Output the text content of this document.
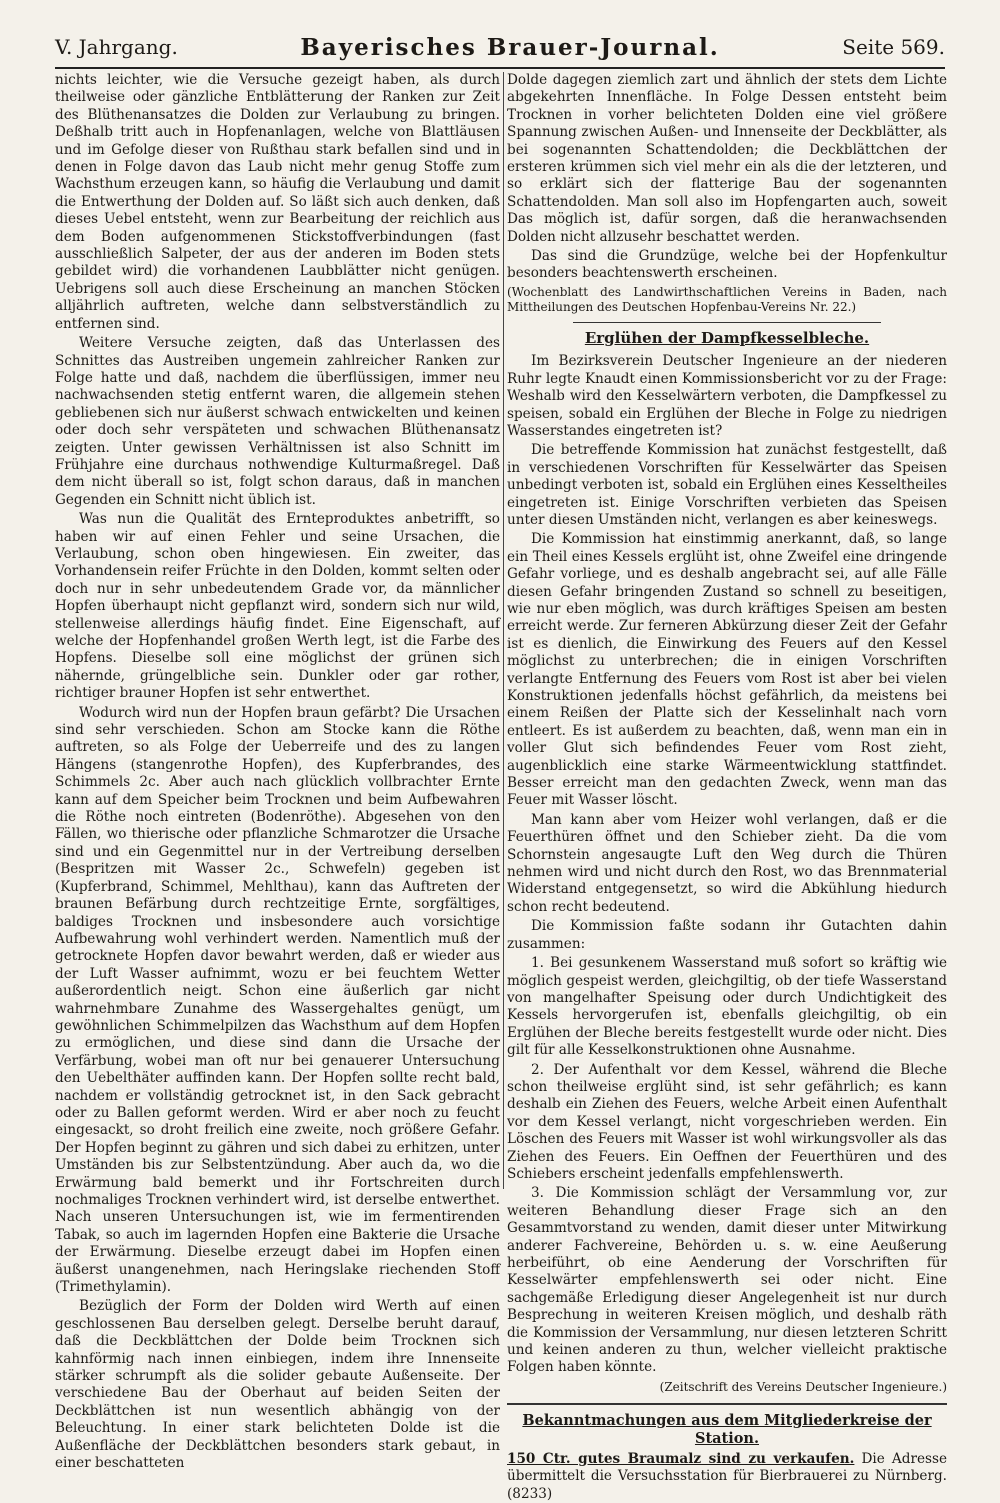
V. Jahrgang.	Bayerisches Brauer-Journal.	Seite 569.

nichts leichter, wie die Versuche gezeigt haben, als durch theilweise oder gänzliche Entblätterung der Ranken zur Zeit des Blüthenansatzes die Dolden zur Verlaubung zu bringen. Deßhalb tritt auch in Hopfenanlagen, welche von Blattläusen und im Gefolge dieser von Rußthau stark befallen sind und in denen in Folge davon das Laub nicht mehr genug Stoffe zum Wachsthum erzeugen kann, so häufig die Verlaubung und damit die Entwerthung der Dolden auf. So läßt sich auch denken, daß dieses Uebel entsteht, wenn zur Bearbeitung der reichlich aus dem Boden aufgenommenen Stickstoffverbindungen (fast ausschließlich Salpeter, der aus der anderen im Boden stets gebildet wird) die vorhandenen Laubblätter nicht genügen. Uebrigens soll auch diese Erscheinung an manchen Stöcken alljährlich auftreten, welche dann selbstverständlich zu entfernen sind.

Weitere Versuche zeigten, daß das Unterlassen des Schnittes das Austreiben ungemein zahlreicher Ranken zur Folge hatte und daß, nachdem die überflüssigen, immer neu nachwachsenden stetig entfernt waren, die allgemein stehen gebliebenen sich nur äußerst schwach entwickelten und keinen oder doch sehr verspäteten und schwachen Blüthenansatz zeigten. Unter gewissen Verhältnissen ist also Schnitt im Frühjahre eine durchaus nothwendige Kulturmaßregel. Daß dem nicht überall so ist, folgt schon daraus, daß in manchen Gegenden ein Schnitt nicht üblich ist.

Was nun die Qualität des Ernteproduktes anbetrifft, so haben wir auf einen Fehler und seine Ursachen, die Verlaubung, schon oben hingewiesen. Ein zweiter, das Vorhandensein reifer Früchte in den Dolden, kommt selten oder doch nur in sehr unbedeutendem Grade vor, da männlicher Hopfen überhaupt nicht gepflanzt wird, sondern sich nur wild, stellenweise allerdings häufig findet. Eine Eigenschaft, auf welche der Hopfenhandel großen Werth legt, ist die Farbe des Hopfens. Dieselbe soll eine möglichst der grünen sich nähernde, grüngelbliche sein. Dunkler oder gar rother, richtiger brauner Hopfen ist sehr entwerthet.

Wodurch wird nun der Hopfen braun gefärbt? Die Ursachen sind sehr verschieden. Schon am Stocke kann die Röthe auftreten, so als Folge der Ueberreife und des zu langen Hängens (stangenrothe Hopfen), des Kupferbrandes, des Schimmels 2c. Aber auch nach glücklich vollbrachter Ernte kann auf dem Speicher beim Trocknen und beim Aufbewahren die Röthe noch eintreten (Bodenröthe). Abgesehen von den Fällen, wo thierische oder pflanzliche Schmarotzer die Ursache sind und ein Gegenmittel nur in der Vertreibung derselben (Bespritzen mit Wasser 2c., Schwefeln) gegeben ist (Kupferbrand, Schimmel, Mehlthau), kann das Auftreten der braunen Befärbung durch rechtzeitige Ernte, sorgfältiges, baldiges Trocknen und insbesondere auch vorsichtige Aufbewahrung wohl verhindert werden. Namentlich muß der getrocknete Hopfen davor bewahrt werden, daß er wieder aus der Luft Wasser aufnimmt, wozu er bei feuchtem Wetter außerordentlich neigt. Schon eine äußerlich gar nicht wahrnehmbare Zunahme des Wassergehaltes genügt, um gewöhnlichen Schimmelpilzen das Wachsthum auf dem Hopfen zu ermöglichen, und diese sind dann die Ursache der Verfärbung, wobei man oft nur bei genauerer Untersuchung den Uebelthäter auffinden kann. Der Hopfen sollte recht bald, nachdem er vollständig getrocknet ist, in den Sack gebracht oder zu Ballen geformt werden. Wird er aber noch zu feucht eingesackt, so droht freilich eine zweite, noch größere Gefahr. Der Hopfen beginnt zu gähren und sich dabei zu erhitzen, unter Umständen bis zur Selbstentzündung. Aber auch da, wo die Erwärmung bald bemerkt und ihr Fortschreiten durch nochmaliges Trocknen verhindert wird, ist derselbe entwerthet. Nach unseren Untersuchungen ist, wie im fermentirenden Tabak, so auch im lagernden Hopfen eine Bakterie die Ursache der Erwärmung. Dieselbe erzeugt dabei im Hopfen einen äußerst unangenehmen, nach Heringslake riechenden Stoff (Trimethylamin).

Bezüglich der Form der Dolden wird Werth auf einen geschlossenen Bau derselben gelegt. Derselbe beruht darauf, daß die Deckblättchen der Dolde beim Trocknen sich kahnförmig nach innen einbiegen, indem ihre Innenseite stärker schrumpft als die solider gebaute Außenseite. Der verschiedene Bau der Oberhaut auf beiden Seiten der Deckblättchen ist nun wesentlich abhängig von der Beleuchtung. In einer stark belichteten Dolde ist die Außenfläche der Deckblättchen besonders stark gebaut, in einer beschatteten

Dolde dagegen ziemlich zart und ähnlich der stets dem Lichte abgekehrten Innenfläche. In Folge Dessen entsteht beim Trocknen in vorher belichteten Dolden eine viel größere Spannung zwischen Außen- und Innenseite der Deckblätter, als bei sogenannten Schattendolden; die Deckblättchen der ersteren krümmen sich viel mehr ein als die der letzteren, und so erklärt sich der flatterige Bau der sogenannten Schattendolden. Man soll also im Hopfengarten auch, soweit Das möglich ist, dafür sorgen, daß die heranwachsenden Dolden nicht allzusehr beschattet werden.

Das sind die Grundzüge, welche bei der Hopfenkultur besonders beachtenswerth erscheinen.

(Wochenblatt des Landwirthschaftlichen Vereins in Baden, nach Mittheilungen des Deutschen Hopfenbau-Vereins Nr. 22.)
Erglühen der Dampfkesselbleche.

Im Bezirksverein Deutscher Ingenieure an der niederen Ruhr legte Knaudt einen Kommissionsbericht vor zu der Frage: Weshalb wird den Kesselwärtern verboten, die Dampfkessel zu speisen, sobald ein Erglühen der Bleche in Folge zu niedrigen Wasserstandes eingetreten ist?

Die betreffende Kommission hat zunächst festgestellt, daß in verschiedenen Vorschriften für Kesselwärter das Speisen unbedingt verboten ist, sobald ein Erglühen eines Kesseltheiles eingetreten ist. Einige Vorschriften verbieten das Speisen unter diesen Umständen nicht, verlangen es aber keineswegs.

Die Kommission hat einstimmig anerkannt, daß, so lange ein Theil eines Kessels erglüht ist, ohne Zweifel eine dringende Gefahr vorliege, und es deshalb angebracht sei, auf alle Fälle diesen Gefahr bringenden Zustand so schnell zu beseitigen, wie nur eben möglich, was durch kräftiges Speisen am besten erreicht werde. Zur ferneren Abkürzung dieser Zeit der Gefahr ist es dienlich, die Einwirkung des Feuers auf den Kessel möglichst zu unterbrechen; die in einigen Vorschriften verlangte Entfernung des Feuers vom Rost ist aber bei vielen Konstruktionen jedenfalls höchst gefährlich, da meistens bei einem Reißen der Platte sich der Kesselinhalt nach vorn entleert. Es ist außerdem zu beachten, daß, wenn man ein in voller Glut sich befindendes Feuer vom Rost zieht, augenblicklich eine starke Wärmeentwicklung stattfindet. Besser erreicht man den gedachten Zweck, wenn man das Feuer mit Wasser löscht.

Man kann aber vom Heizer wohl verlangen, daß er die Feuerthüren öffnet und den Schieber zieht. Da die vom Schornstein angesaugte Luft den Weg durch die Thüren nehmen wird und nicht durch den Rost, wo das Brennmaterial Widerstand entgegensetzt, so wird die Abkühlung hiedurch schon recht bedeutend.

Die Kommission faßte sodann ihr Gutachten dahin zusammen:

1. Bei gesunkenem Wasserstand muß sofort so kräftig wie möglich gespeist werden, gleichgiltig, ob der tiefe Wasserstand von mangelhafter Speisung oder durch Undichtigkeit des Kessels hervorgerufen ist, ebenfalls gleichgiltig, ob ein Erglühen der Bleche bereits festgestellt wurde oder nicht. Dies gilt für alle Kesselkonstruktionen ohne Ausnahme.

2. Der Aufenthalt vor dem Kessel, während die Bleche schon theilweise erglüht sind, ist sehr gefährlich; es kann deshalb ein Ziehen des Feuers, welche Arbeit einen Aufenthalt vor dem Kessel verlangt, nicht vorgeschrieben werden. Ein Löschen des Feuers mit Wasser ist wohl wirkungsvoller als das Ziehen des Feuers. Ein Oeffnen der Feuerthüren und des Schiebers erscheint jedenfalls empfehlenswerth.

3. Die Kommission schlägt der Versammlung vor, zur weiteren Behandlung dieser Frage sich an den Gesammtvorstand zu wenden, damit dieser unter Mitwirkung anderer Fachvereine, Behörden u. s. w. eine Aeußerung herbeiführt, ob eine Aenderung der Vorschriften für Kesselwärter empfehlenswerth sei oder nicht. Eine sachgemäße Erledigung dieser Angelegenheit ist nur durch Besprechung in weiteren Kreisen möglich, und deshalb räth die Kommission der Versammlung, nur diesen letzteren Schritt und keinen anderen zu thun, welcher vielleicht praktische Folgen haben könnte.

(Zeitschrift des Vereins Deutscher Ingenieure.)
Bekanntmachungen aus dem Mitgliederkreise der Station.

150 Ctr. gutes Braumalz sind zu verkaufen. Die Adresse übermittelt die Versuchsstation für Bierbrauerei zu Nürnberg. (8233)
